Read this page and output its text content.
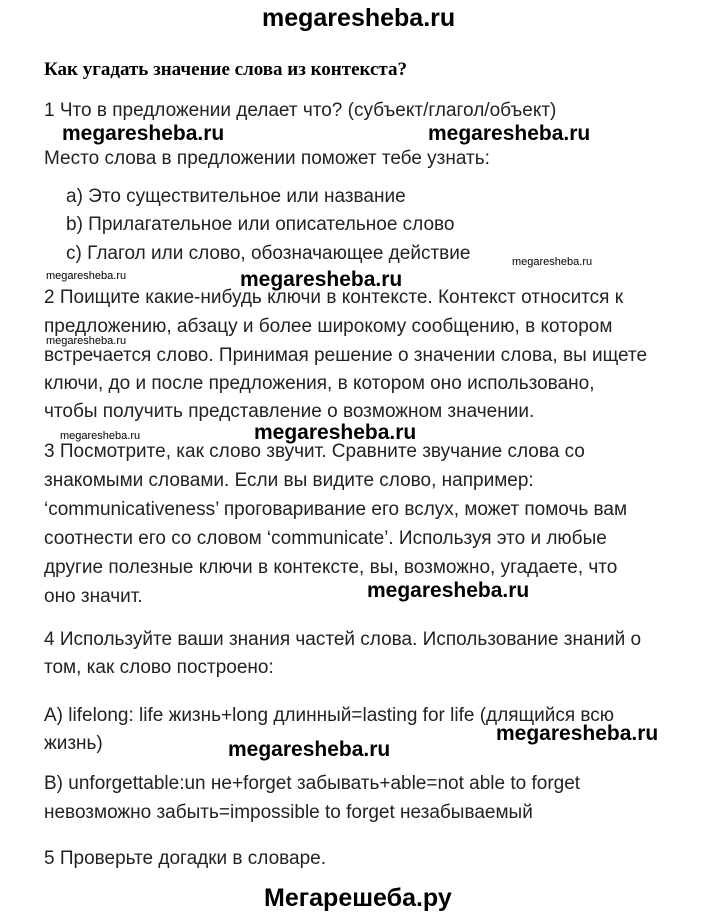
megaresheba.ru
Как угадать значение слова из контекста?
1 Что в предложении делает что? (субъект/глагол/объект)
megaresheba.ru	megaresheba.ru
Место слова в предложении поможет тебе узнать:
a) Это существительное или название
b) Прилагательное или описательное слово
c) Глагол или слово, обозначающее действие	megaresheba.ru
megaresheba.ru	megaresheba.ru
2 Поищите какие-нибудь ключи в контексте. Контекст относится к
предложению, абзацу и более широкому сообщению, в котором
megaresheba.ru
встречается слово. Принимая решение о значении слова, вы ищете
ключи, до и после предложения, в котором оно использовано,
чтобы получить представление о возможном значении.
megaresheba.ru	megaresheba.ru
3 Посмотрите, как слово звучит. Сравните звучание слова со
знакомыми словами. Если вы видите слово, например:
‘communicativeness’ проговаривание его вслух, может помочь вам
соотнести его со словом ‘communicate’. Используя это и любые
другие полезные ключи в контексте, вы, возможно, угадаете, что
оно значит.	megaresheba.ru
4 Используйте ваши знания частей слова. Использование знаний о
том, как слово построено:
A) lifelong: life жизнь+long длинный=lasting for life (длящийся всю
жизнь)	megaresheba.ru
megaresheba.ru
B) unforgettable:un не+forget забывать+able=not able to forget
невозможно забыть=impossible to forget незабываемый
5 Проверьте догадки в словаре.
Мегарешеба.ру
